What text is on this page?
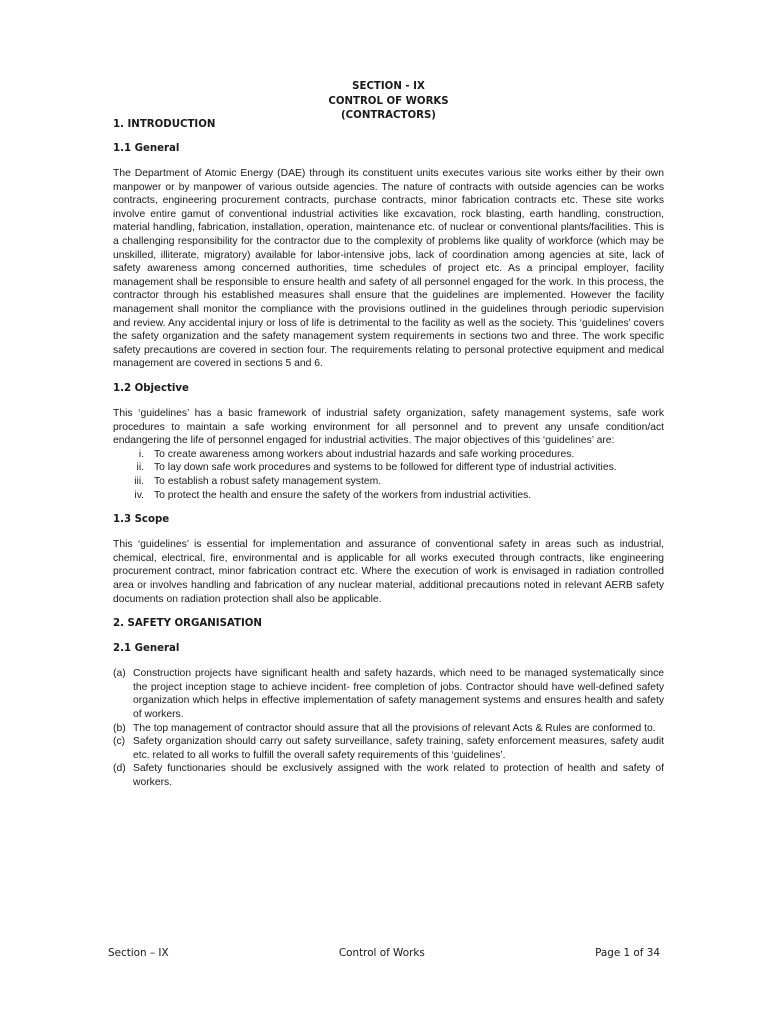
SECTION - IX
CONTROL OF WORKS
(CONTRACTORS)
1. INTRODUCTION
1.1 General

The Department of Atomic Energy (DAE) through its constituent units executes various site works either by their own manpower or by manpower of various outside agencies. The nature of contracts with outside agencies can be works contracts, engineering procurement contracts, purchase contracts, minor fabrication contracts etc. These site works involve entire gamut of conventional industrial activities like excavation, rock blasting, earth handling, construction, material handling, fabrication, installation, operation, maintenance etc. of nuclear or conventional plants/facilities. This is a challenging responsibility for the contractor due to the complexity of problems like quality of workforce (which may be unskilled, illiterate, migratory) available for labor-intensive jobs, lack of coordination among agencies at site, lack of safety awareness among concerned authorities, time schedules of project etc. As a principal employer, facility management shall be responsible to ensure health and safety of all personnel engaged for the work. In this process, the contractor through his established measures shall ensure that the guidelines are implemented. However the facility management shall monitor the compliance with the provisions outlined in the guidelines through periodic supervision and review. Any accidental injury or loss of life is detrimental to the facility as well as the society. This ‘guidelines’ covers the safety organization and the safety management system requirements in sections two and three. The work specific safety precautions are covered in section four. The requirements relating to personal protective equipment and medical management are covered in sections 5 and 6.

1.2 Objective

This ‘guidelines’ has a basic framework of industrial safety organization, safety management systems, safe work procedures to maintain a safe working environment for all personnel and to prevent any unsafe condition/act endangering the life of personnel engaged for industrial activities. The major objectives of this ‘guidelines’ are:

i. To create awareness among workers about industrial hazards and safe working procedures.
ii. To lay down safe work procedures and systems to be followed for different type of industrial activities.
iii. To establish a robust safety management system.
iv. To protect the health and ensure the safety of the workers from industrial activities.
1.3 Scope

This ‘guidelines’ is essential for implementation and assurance of conventional safety in areas such as industrial, chemical, electrical, fire, environmental and is applicable for all works executed through contracts, like engineering procurement contract, minor fabrication contract etc. Where the execution of work is envisaged in radiation controlled area or involves handling and fabrication of any nuclear material, additional precautions noted in relevant AERB safety documents on radiation protection shall also be applicable.

2. SAFETY ORGANISATION
2.1 General
(a) Construction projects have significant health and safety hazards, which need to be managed systematically since the project inception stage to achieve incident- free completion of jobs. Contractor should have well-defined safety organization which helps in effective implementation of safety management systems and ensures health and safety of workers.
(b) The top management of contractor should assure that all the provisions of relevant Acts & Rules are conformed to.
(c) Safety organization should carry out safety surveillance, safety training, safety enforcement measures, safety audit etc. related to all works to fulfill the overall safety requirements of this ‘guidelines’.
(d) Safety functionaries should be exclusively assigned with the work related to protection of health and safety of workers.
Section – IX	Control of Works	Page 1 of 34
